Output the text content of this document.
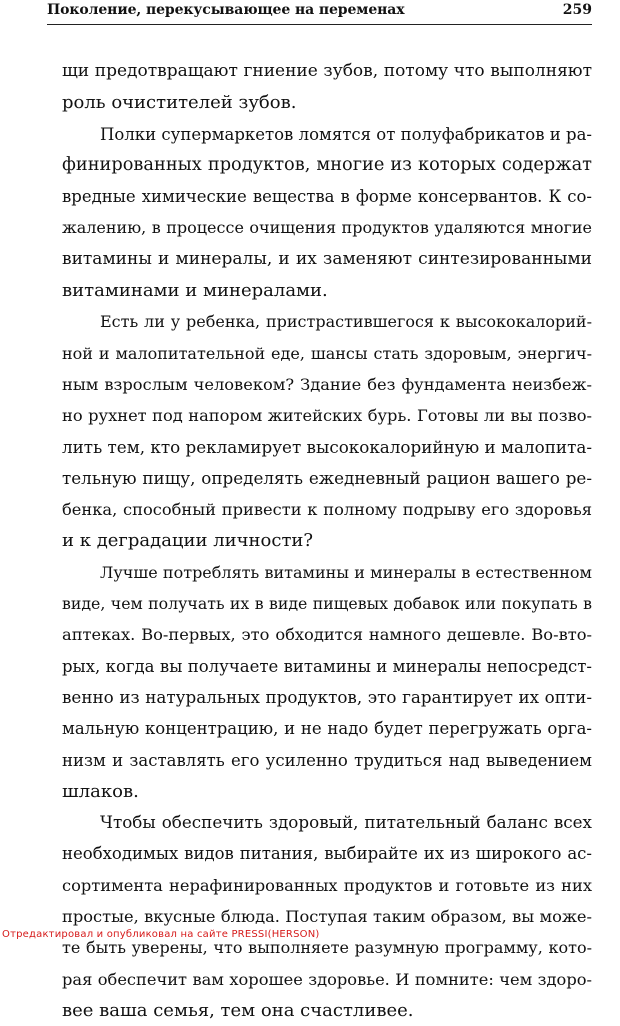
Поколение, перекусывающее на переменах	259
щи предотвращают гниение зубов, потому что выполняют
роль очистителей зубов.
Полки супермаркетов ломятся от полуфабрикатов и ра-
финированных продуктов, многие из которых содержат
вредные химические вещества в форме консервантов. К со-
жалению, в процессе очищения продуктов удаляются многие
витамины и минералы, и их заменяют синтезированными
витаминами и минералами.
Есть ли у ребенка, пристрастившегося к высококалорий-
ной и малопитательной еде, шансы стать здоровым, энергич-
ным взрослым человеком? Здание без фундамента неизбеж-
но рухнет под напором житейских бурь. Готовы ли вы позво-
лить тем, кто рекламирует высококалорийную и малопита-
тельную пищу, определять ежедневный рацион вашего ре-
бенка, способный привести к полному подрыву его здоровья
и к деградации личности?
Лучше потреблять витамины и минералы в естественном
виде, чем получать их в виде пищевых добавок или покупать в
аптеках. Во-первых, это обходится намного дешевле. Во-вто-
рых, когда вы получаете витамины и минералы непосредст-
венно из натуральных продуктов, это гарантирует их опти-
мальную концентрацию, и не надо будет перегружать орга-
низм и заставлять его усиленно трудиться над выведением
шлаков.
Чтобы обеспечить здоровый, питательный баланс всех
необходимых видов питания, выбирайте их из широкого ас-
сортимента нерафинированных продуктов и готовьте из них
простые, вкусные блюда. Поступая таким образом, вы може-
те быть уверены, что выполняете разумную программу, кото-
рая обеспечит вам хорошее здоровье. И помните: чем здоро-
вее ваша семья, тем она счастливее.
Отредактировал и опубликовал на сайте PRESSI(HERSON)
